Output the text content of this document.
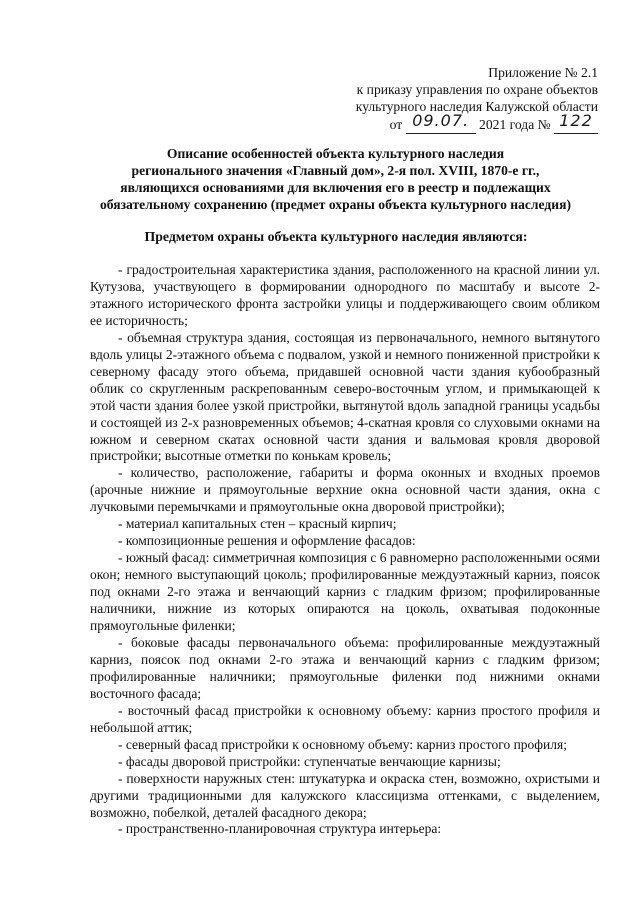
Приложение № 2.1
к приказу управления по охране объектов
культурного наследия Калужской области
от 09.07. 2021 года № 122
Описание особенностей объекта культурного наследия
регионального значения «Главный дом», 2-я пол. XVIII, 1870-е гг.,
являющихся основаниями для включения его в реестр и подлежащих
обязательному сохранению (предмет охраны объекта культурного наследия)
Предметом охраны объекта культурного наследия являются:

- градостроительная характеристика здания, расположенного на красной линии ул. Кутузова, участвующего в формировании однородного по масштабу и высоте 2-этажного исторического фронта застройки улицы и поддерживающего своим обликом ее историчность;

- объемная структура здания, состоящая из первоначального, немного вытянутого вдоль улицы 2-этажного объема с подвалом, узкой и немного пониженной пристройки к северному фасаду этого объема, придавшей основной части здания кубообразный облик со скругленным раскрепованным северо-восточным углом, и примыкающей к этой части здания более узкой пристройки, вытянутой вдоль западной границы усадьбы и состоящей из 2-х разновременных объемов; 4-скатная кровля со слуховыми окнами на южном и северном скатах основной части здания и вальмовая кровля дворовой пристройки; высотные отметки по конькам кровель;

- количество, расположение, габариты и форма оконных и входных проемов (арочные нижние и прямоугольные верхние окна основной части здания, окна с лучковыми перемычками и прямоугольные окна дворовой пристройки);

- материал капитальных стен – красный кирпич;

- композиционные решения и оформление фасадов:

- южный фасад: симметричная композиция с 6 равномерно расположенными осями окон; немного выступающий цоколь; профилированные междуэтажный карниз, поясок под окнами 2-го этажа и венчающий карниз с гладким фризом; профилированные наличники, нижние из которых опираются на цоколь, охватывая подоконные прямоугольные филенки;

- боковые фасады первоначального объема: профилированные междуэтажный карниз, поясок под окнами 2-го этажа и венчающий карниз с гладким фризом; профилированные наличники; прямоугольные филенки под нижними окнами восточного фасада;

- восточный фасад пристройки к основному объему: карниз простого профиля и небольшой аттик;

- северный фасад пристройки к основному объему: карниз простого профиля;

- фасады дворовой пристройки: ступенчатые венчающие карнизы;

- поверхности наружных стен: штукатурка и окраска стен, возможно, охристыми и другими традиционными для калужского классицизма оттенками, с выделением, возможно, побелкой, деталей фасадного декора;

- пространственно-планировочная структура интерьера:
